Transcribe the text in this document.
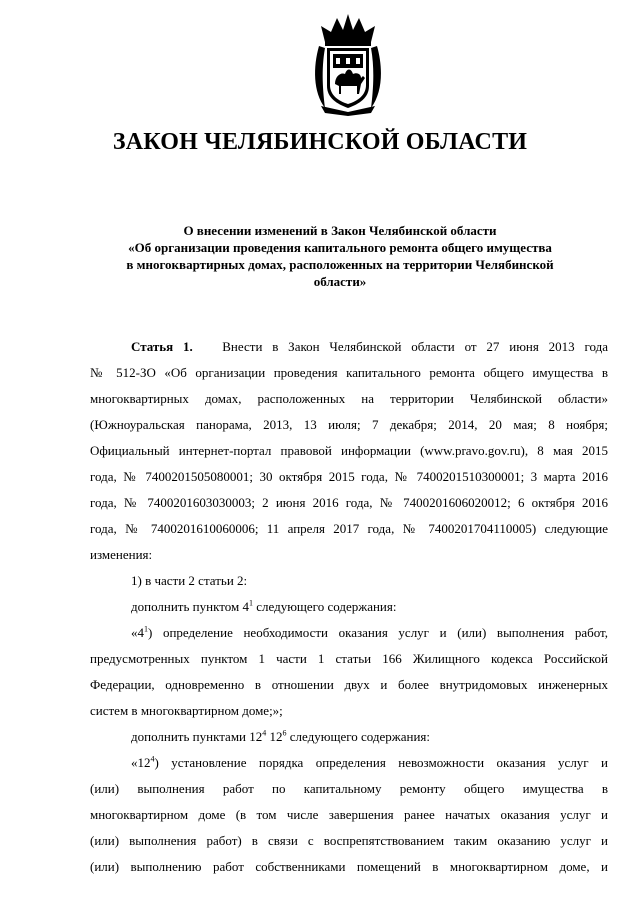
ЗАКОН ЧЕЛЯБИНСКОЙ ОБЛАСТИ
О внесении изменений в Закон Челябинской области
«Об организации проведения капитального ремонта общего имущества
в многоквартирных домах, расположенных на территории Челябинской
области»
Статья 1. Внести в Закон Челябинской области от 27 июня 2013 года
№ 512-ЗО «Об организации проведения капитального ремонта общего имущества в
многоквартирных домах, расположенных на территории Челябинской области»
(Южноуральская панорама, 2013, 13 июля; 7 декабря; 2014, 20 мая; 8 ноября;
Официальный интернет-портал правовой информации (www.pravo.gov.ru), 8 мая 2015
года, № 7400201505080001; 30 октября 2015 года, № 7400201510300001; 3 марта 2016
года, № 7400201603030003; 2 июня 2016 года, № 7400201606020012; 6 октября 2016
года, № 7400201610060006; 11 апреля 2017 года, № 7400201704110005) следующие
изменения:
1) в части 2 статьи 2:
дополнить пунктом $4^1$ следующего содержания:
«$4^1$) определение необходимости оказания услуг и (или) выполнения работ,
предусмотренных пунктом 1 части 1 статьи 166 Жилищного кодекса Российской
Федерации, одновременно в отношении двух и более внутридомовых инженерных
систем в многоквартирном доме;»;
дополнить пунктами $12^4$ $12^6$ следующего содержания:
«$12^4$) установление порядка определения невозможности оказания услуг и
(или) выполнения работ по капитальному ремонту общего имущества в
многоквартирном доме (в том числе завершения ранее начатых оказания услуг и
(или) выполнения работ) в связи с воспрепятствованием таким оказанию услуг и
(или) выполнению работ собственниками помещений в многоквартирном доме, и
